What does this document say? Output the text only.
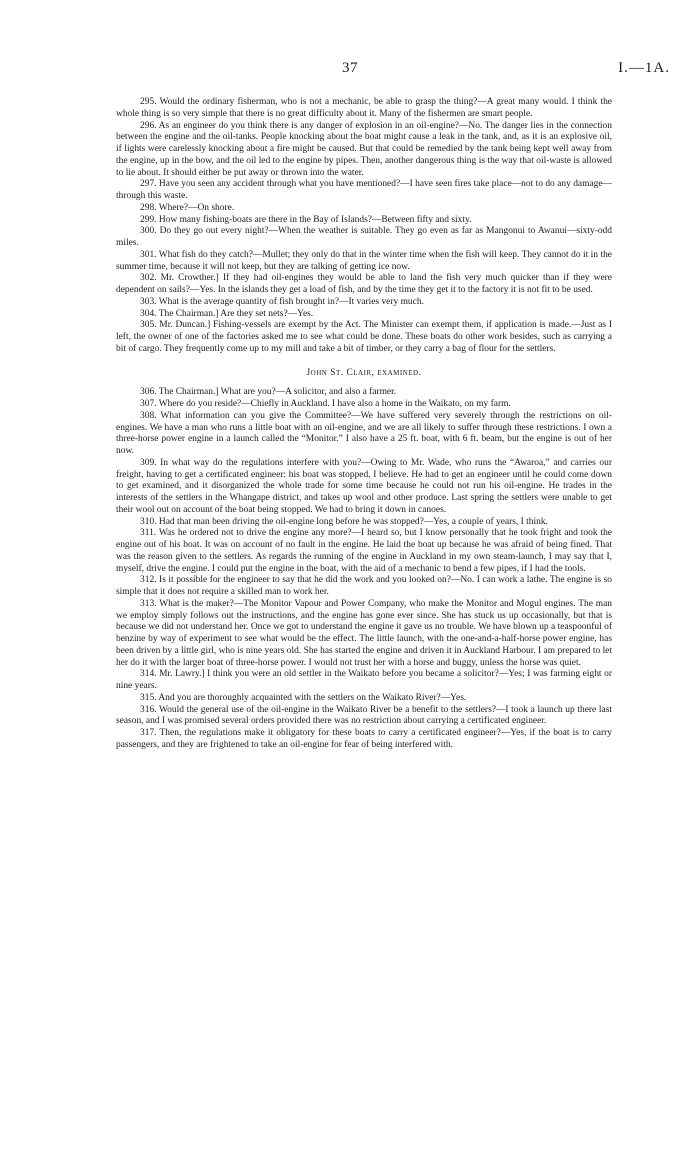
37	I.—1A.

295. Would the ordinary fisherman, who is not a mechanic, be able to grasp the thing?—A great many would. I think the whole thing is so very simple that there is no great difficulty about it. Many of the fishermen are smart people.

296. As an engineer do you think there is any danger of explosion in an oil-engine?—No. The danger lies in the connection between the engine and the oil-tanks. People knocking about the boat might cause a leak in the tank, and, as it is an explosive oil, if lights were carelessly knocking about a fire might be caused. But that could be remedied by the tank being kept well away from the engine, up in the bow, and the oil led to the engine by pipes. Then, another dangerous thing is the way that oil-waste is allowed to lie about. It should either be put away or thrown into the water.

297. Have you seen any accident through what you have mentioned?—I have seen fires take place—not to do any damage—through this waste.

298. Where?—On shore.

299. How many fishing-boats are there in the Bay of Islands?—Between fifty and sixty.

300. Do they go out every night?—When the weather is suitable. They go even as far as Mangonui to Awanui—sixty-odd miles.

301. What fish do they catch?—Mullet; they only do that in the winter time when the fish will keep. They cannot do it in the summer time, because it will not keep, but they are talking of getting ice now.

302. Mr. Crowther.] If they had oil-engines they would be able to land the fish very much quicker than if they were dependent on sails?—Yes. In the islands they get a load of fish, and by the time they get it to the factory it is not fit to be used.

303. What is the average quantity of fish brought in?—It varies very much.

304. The Chairman.] Are they set nets?—Yes.

305. Mr. Duncan.] Fishing-vessels are exempt by the Act. The Minister can exempt them, if application is made.—Just as I left, the owner of one of the factories asked me to see what could be done. These boats do other work besides, such as carrying a bit of cargo. They frequently come up to my mill and take a bit of timber, or they carry a bag of flour for the settlers.

John St. Clair, examined.

306. The Chairman.] What are you?—A solicitor, and also a farmer.

307. Where do you reside?—Chiefly in Auckland. I have also a home in the Waikato, on my farm.

308. What information can you give the Committee?—We have suffered very severely through the restrictions on oil-engines. We have a man who runs a little boat with an oil-engine, and we are all likely to suffer through these restrictions. I own a three-horse power engine in a launch called the “Monitor.” I also have a 25 ft. boat, with 6 ft. beam, but the engine is out of her now.

309. In what way do the regulations interfere with you?—Owing to Mr. Wade, who runs the “Awaroa,” and carries our freight, having to get a certificated engineer: his boat was stopped, I believe. He had to get an engineer until he could come down to get examined, and it disorganized the whole trade for some time because he could not run his oil-engine. He trades in the interests of the settlers in the Whangape district, and takes up wool and other produce. Last spring the settlers were unable to get their wool out on account of the boat being stopped. We had to bring it down in canoes.

310. Had that man been driving the oil-engine long before he was stopped?—Yes, a couple of years, I think.

311. Was he ordered not to drive the engine any more?—I heard so, but I know personally that he took fright and took the engine out of his boat. It was on account of no fault in the engine. He laid the boat up because he was afraid of being fined. That was the reason given to the settlers. As regards the running of the engine in Auckland in my own steam-launch, I may say that I, myself, drive the engine. I could put the engine in the boat, with the aid of a mechanic to bend a few pipes, if I had the tools.

312. Is it possible for the engineer to say that he did the work and you looked on?—No. I can work a lathe. The engine is so simple that it does not require a skilled man to work her.

313. What is the maker?—The Monitor Vapour and Power Company, who make the Monitor and Mogul engines. The man we employ simply follows out the instructions, and the engine has gone ever since. She has stuck us up occasionally, but that is because we did not understand her. Once we got to understand the engine it gave us no trouble. We have blown up a teaspoonful of benzine by way of experiment to see what would be the effect. The little launch, with the one-and-a-half-horse power engine, has been driven by a little girl, who is nine years old. She has started the engine and driven it in Auckland Harbour. I am prepared to let her do it with the larger boat of three-horse power. I would not trust her with a horse and buggy, unless the horse was quiet.

314. Mr. Lawry.] I think you were an old settler in the Waikato before you became a solicitor?—Yes; I was farming eight or nine years.

315. And you are thoroughly acquainted with the settlers on the Waikato River?—Yes.

316. Would the general use of the oil-engine in the Waikato River be a benefit to the settlers?—I took a launch up there last season, and I was promised several orders provided there was no restriction about carrying a certificated engineer.

317. Then, the regulations make it obligatory for these boats to carry a certificated engineer?—Yes, if the boat is to carry passengers, and they are frightened to take an oil-engine for fear of being interfered with.
